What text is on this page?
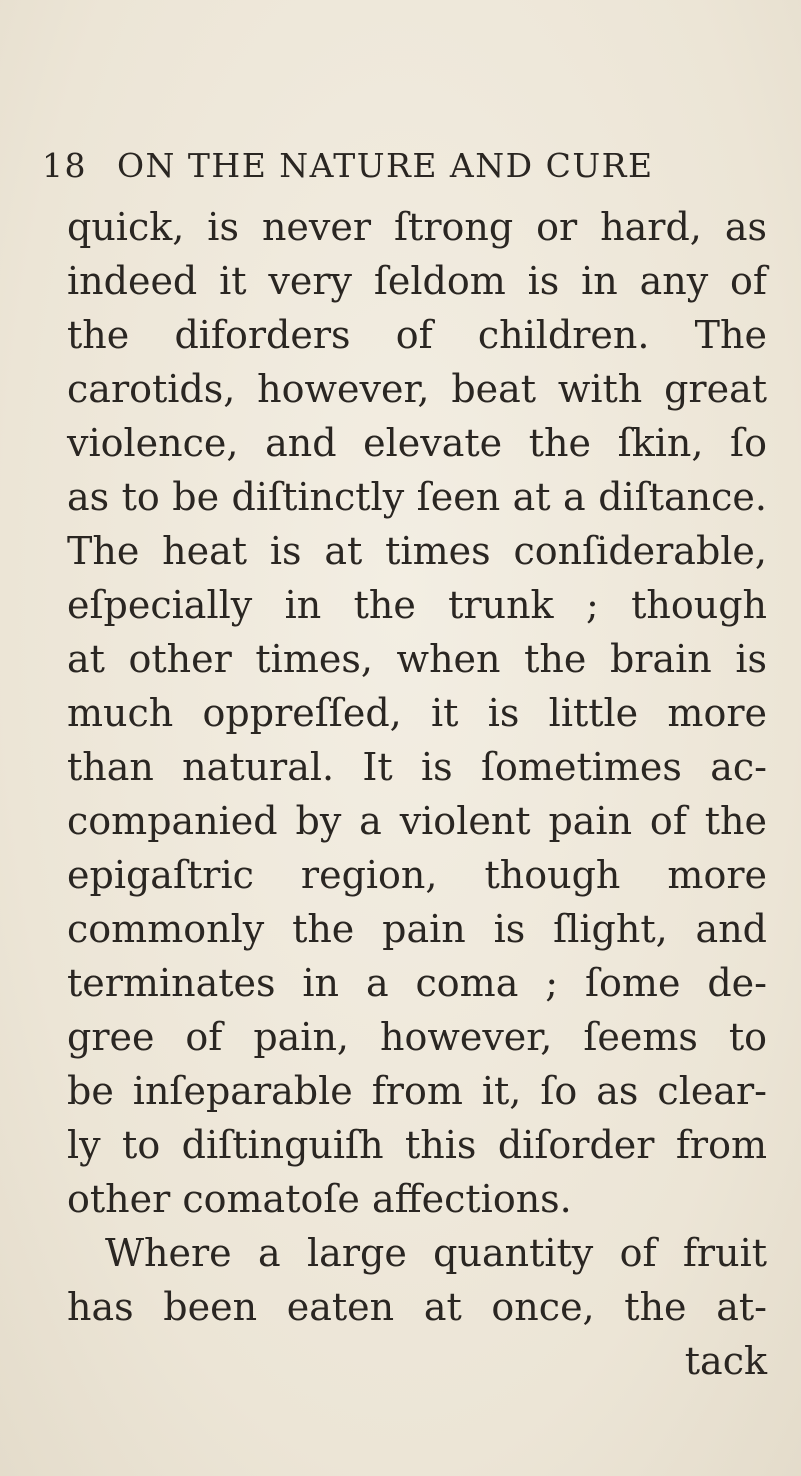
18 ON THE NATURE AND CURE
quick, is never ſtrong or hard, as
indeed it very ſeldom is in any of
the diforders of children. The
carotids, however, beat with great
violence, and elevate the ſkin, ſo
as to be diſtinctly ſeen at a diſtance.
The heat is at times conſiderable,
eſpecially in the trunk ; though
at other times, when the brain is
much oppreſſed, it is little more
than natural. It is ſometimes ac-
companied by a violent pain of the
epigaſtric region, though more
commonly the pain is ſlight, and
terminates in a coma ; ſome de-
gree of pain, however, ſeems to
be inſeparable from it, ſo as clear-
ly to diſtinguiſh this diſorder from
other comatoſe affections.
Where a large quantity of fruit
has been eaten at once, the at-
tack
